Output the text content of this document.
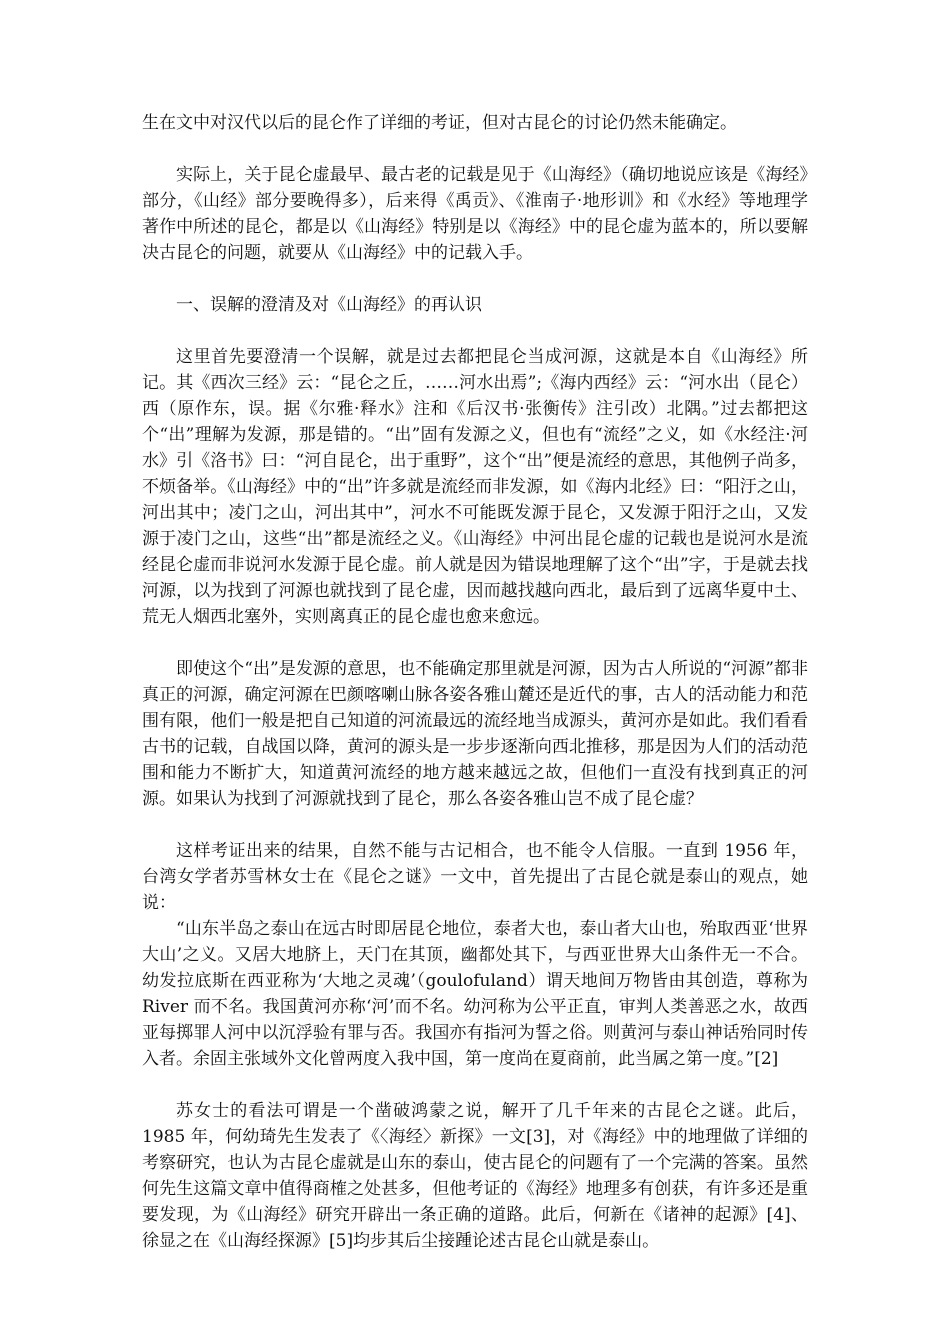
生在文中对汉代以后的昆仑作了详细的考证，但对古昆仑的讨论仍然未能确定。

实际上，关于昆仑虚最早、最古老的记载是见于《山海经》（确切地说应该是《海经》部分，《山经》部分要晚得多），后来得《禹贡》、《淮南子·地形训》和《水经》等地理学著作中所述的昆仑，都是以《山海经》特别是以《海经》中的昆仑虚为蓝本的，所以要解决古昆仑的问题，就要从《山海经》中的记载入手。

一、误解的澄清及对《山海经》的再认识

这里首先要澄清一个误解，就是过去都把昆仑当成河源，这就是本自《山海经》所记。其《西次三经》云：“昆仑之丘，……河水出焉”;《海内西经》云：“河水出（昆仑）西（原作东，误。据《尔雅·释水》注和《后汉书·张衡传》注引改）北隅。”过去都把这个“出”理解为发源，那是错的。“出”固有发源之义，但也有“流经”之义，如《水经注·河水》引《洛书》曰：“河自昆仑，出于重野”，这个“出”便是流经的意思，其他例子尚多，不烦备举。《山海经》中的“出”许多就是流经而非发源，如《海内北经》曰：“阳汙之山，河出其中；凌门之山，河出其中”，河水不可能既发源于昆仑，又发源于阳汙之山，又发源于凌门之山，这些“出”都是流经之义。《山海经》中河出昆仑虚的记载也是说河水是流经昆仑虚而非说河水发源于昆仑虚。前人就是因为错误地理解了这个“出”字，于是就去找河源，以为找到了河源也就找到了昆仑虚，因而越找越向西北，最后到了远离华夏中土、荒无人烟西北塞外，实则离真正的昆仑虚也愈来愈远。

即使这个“出”是发源的意思，也不能确定那里就是河源，因为古人所说的“河源”都非真正的河源，确定河源在巴颜喀喇山脉各姿各雅山麓还是近代的事，古人的活动能力和范围有限，他们一般是把自己知道的河流最远的流经地当成源头，黄河亦是如此。我们看看古书的记载，自战国以降，黄河的源头是一步步逐渐向西北推移，那是因为人们的活动范围和能力不断扩大，知道黄河流经的地方越来越远之故，但他们一直没有找到真正的河源。如果认为找到了河源就找到了昆仑，那么各姿各雅山岂不成了昆仑虚？

这样考证出来的结果，自然不能与古记相合，也不能令人信服。一直到 1956 年，台湾女学者苏雪林女士在《昆仑之谜》一文中，首先提出了古昆仑就是泰山的观点，她说：

“山东半岛之泰山在远古时即居昆仑地位，泰者大也，泰山者大山也，殆取西亚‘世界大山’之义。又居大地脐上，天门在其顶，幽都处其下，与西亚世界大山条件无一不合。幼发拉底斯在西亚称为‘大地之灵魂’（goulofuland）谓天地间万物皆由其创造，尊称为 River 而不名。我国黄河亦称‘河’而不名。幼河称为公平正直，审判人类善恶之水，故西亚每掷罪人河中以沉浮验有罪与否。我国亦有指河为誓之俗。则黄河与泰山神话殆同时传入者。余固主张域外文化曾两度入我中国，第一度尚在夏商前，此当属之第一度。”[2]

苏女士的看法可谓是一个凿破鸿蒙之说，解开了几千年来的古昆仑之谜。此后，1985 年，何幼琦先生发表了《〈海经〉新探》一文[3]，对《海经》中的地理做了详细的考察研究，也认为古昆仑虚就是山东的泰山，使古昆仑的问题有了一个完满的答案。虽然何先生这篇文章中值得商榷之处甚多，但他考证的《海经》地理多有创获，有许多还是重要发现，为《山海经》研究开辟出一条正确的道路。此后，何新在《诸神的起源》[4]、徐显之在《山海经探源》[5]均步其后尘接踵论述古昆仑山就是泰山。
